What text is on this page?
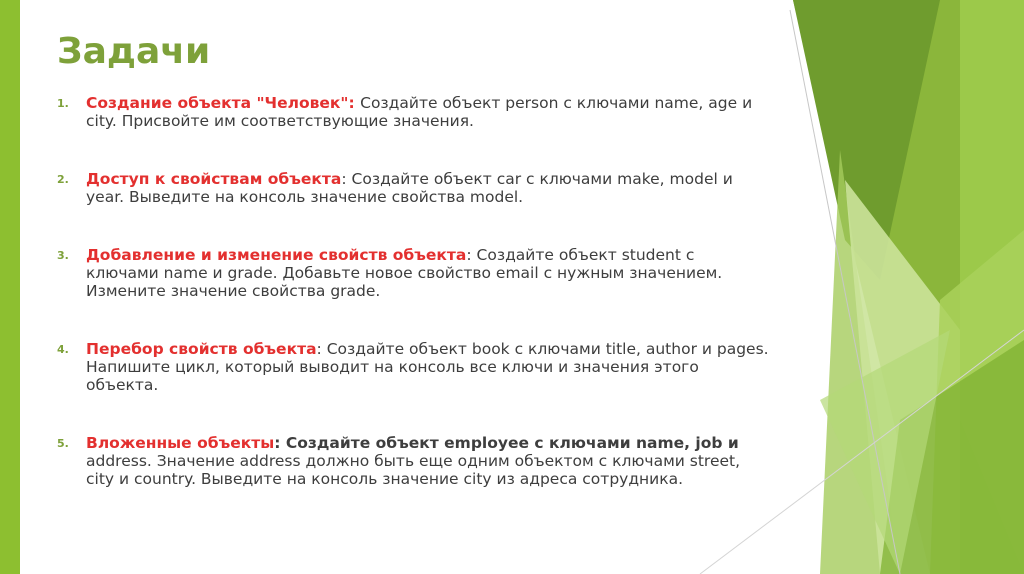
Задачи
1. Создание объекта "Человек": Создайте объект person с ключами name, age и city. Присвойте им соответствующие значения.
2. Доступ к свойствам объекта: Создайте объект car с ключами make, model и year. Выведите на консоль значение свойства model.
3. Добавление и изменение свойств объекта: Создайте объект student с ключами name и grade. Добавьте новое свойство email с нужным значением. Измените значение свойства grade.
4. Перебор свойств объекта: Создайте объект book с ключами title, author и pages. Напишите цикл, который выводит на консоль все ключи и значения этого объекта.
5. Вложенные объекты: Создайте объект employee с ключами name, job и address. Значение address должно быть еще одним объектом с ключами street, city и country. Выведите на консоль значение city из адреса сотрудника.
